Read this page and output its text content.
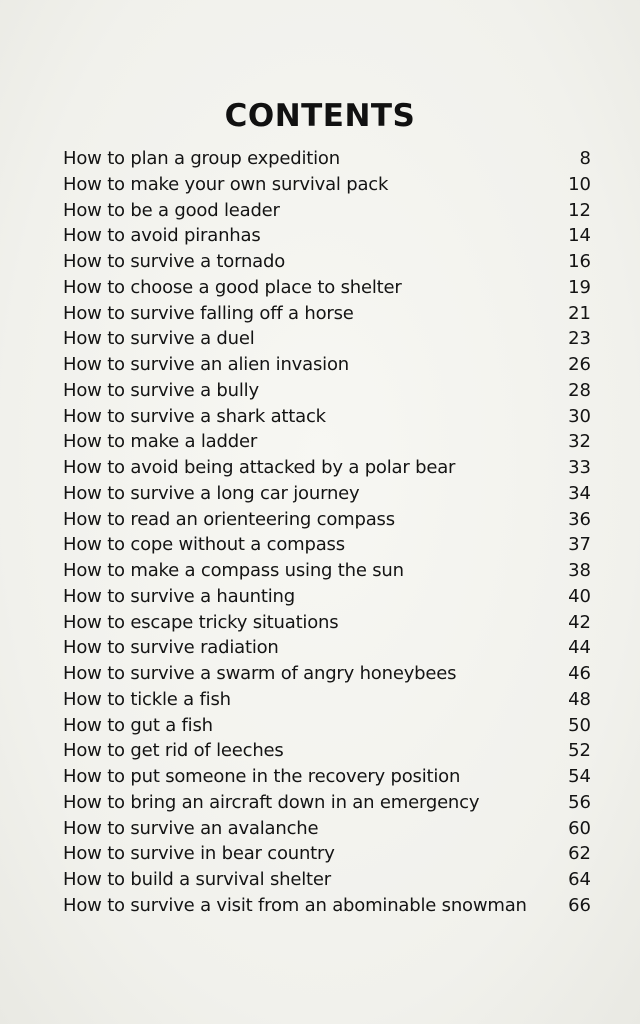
CONTENTS
How to plan a group expedition	8
How to make your own survival pack	10
How to be a good leader	12
How to avoid piranhas	14
How to survive a tornado	16
How to choose a good place to shelter	19
How to survive falling off a horse	21
How to survive a duel	23
How to survive an alien invasion	26
How to survive a bully	28
How to survive a shark attack	30
How to make a ladder	32
How to avoid being attacked by a polar bear	33
How to survive a long car journey	34
How to read an orienteering compass	36
How to cope without a compass	37
How to make a compass using the sun	38
How to survive a haunting	40
How to escape tricky situations	42
How to survive radiation	44
How to survive a swarm of angry honeybees	46
How to tickle a fish	48
How to gut a fish	50
How to get rid of leeches	52
How to put someone in the recovery position	54
How to bring an aircraft down in an emergency	56
How to survive an avalanche	60
How to survive in bear country	62
How to build a survival shelter	64
How to survive a visit from an abominable snowman	66
